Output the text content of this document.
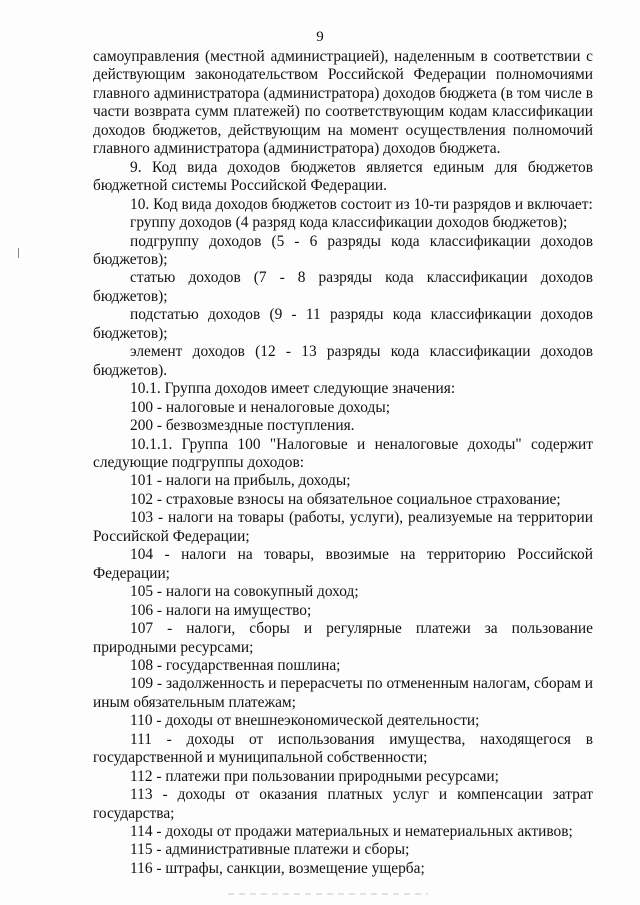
9

самоуправления (местной администрацией), наделенным в соответствии с действующим законодательством Российской Федерации полномочиями главного администратора (администратора) доходов бюджета (в том числе в части возврата сумм платежей) по соответствующим кодам классификации доходов бюджетов, действующим на момент осуществления полномочий главного администратора (администратора) доходов бюджета.

9. Код вида доходов бюджетов является единым для бюджетов бюджетной системы Российской Федерации.

10. Код вида доходов бюджетов состоит из 10-ти разрядов и включает:

группу доходов (4 разряд кода классификации доходов бюджетов);

подгруппу доходов (5 - 6 разряды кода классификации доходов бюджетов);

статью доходов (7 - 8 разряды кода классификации доходов бюджетов);

подстатью доходов (9 - 11 разряды кода классификации доходов бюджетов);

элемент доходов (12 - 13 разряды кода классификации доходов бюджетов).

10.1. Группа доходов имеет следующие значения:

100 - налоговые и неналоговые доходы;

200 - безвозмездные поступления.

10.1.1. Группа 100 "Налоговые и неналоговые доходы" содержит следующие подгруппы доходов:

101 - налоги на прибыль, доходы;

102 - страховые взносы на обязательное социальное страхование;

103 - налоги на товары (работы, услуги), реализуемые на территории Российской Федерации;

104 - налоги на товары, ввозимые на территорию Российской Федерации;

105 - налоги на совокупный доход;

106 - налоги на имущество;

107 - налоги, сборы и регулярные платежи за пользование природными ресурсами;

108 - государственная пошлина;

109 - задолженность и перерасчеты по отмененным налогам, сборам и иным обязательным платежам;

110 - доходы от внешнеэкономической деятельности;

111 - доходы от использования имущества, находящегося в государственной и муниципальной собственности;

112 - платежи при пользовании природными ресурсами;

113 - доходы от оказания платных услуг и компенсации затрат государства;

114 - доходы от продажи материальных и нематериальных активов;

115 - административные платежи и сборы;

116 - штрафы, санкции, возмещение ущерба;
